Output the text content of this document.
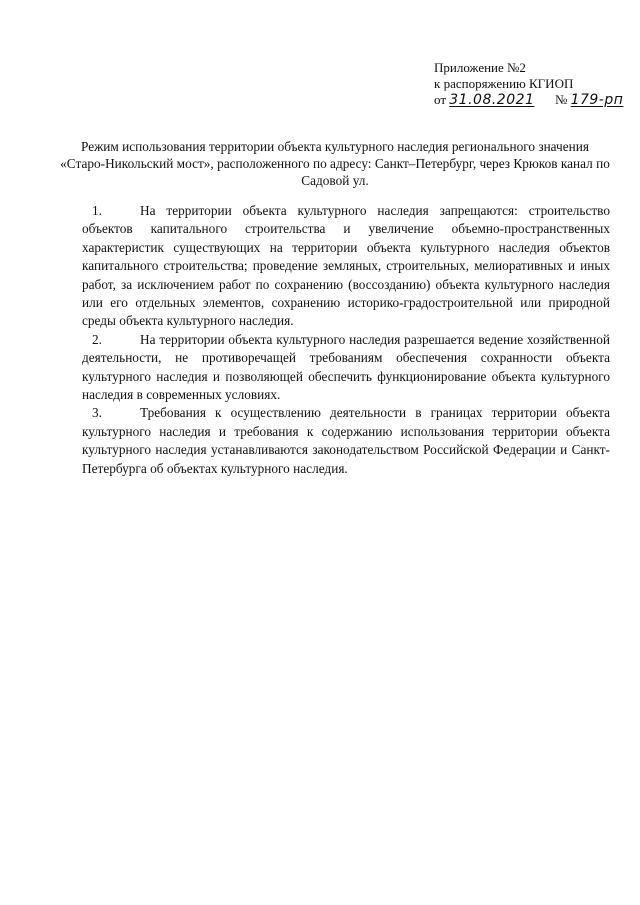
Приложение №2
к распоряжению КГИОП
от 31.08.2021 № 179-рп
Режим использования территории объекта культурного наследия регионального значения
«Старо-Никольский мост», расположенного по адресу: Санкт–Петербург, через Крюков канал по
Садовой ул.

1.	На территории объекта культурного наследия запрещаются: строительство объектов капитального строительства и увеличение объемно-пространственных характеристик существующих на территории объекта культурного наследия объектов капитального строительства; проведение земляных, строительных, мелиоративных и иных работ, за исключением работ по сохранению (воссозданию) объекта культурного наследия или его отдельных элементов, сохранению историко-градостроительной или природной среды объекта культурного наследия.

2.	На территории объекта культурного наследия разрешается ведение хозяйственной деятельности, не противоречащей требованиям обеспечения сохранности объекта культурного наследия и позволяющей обеспечить функционирование объекта культурного наследия в современных условиях.

3.	Требования к осуществлению деятельности в границах территории объекта культурного наследия и требования к содержанию использования территории объекта культурного наследия устанавливаются законодательством Российской Федерации и Санкт-Петербурга об объектах культурного наследия.
